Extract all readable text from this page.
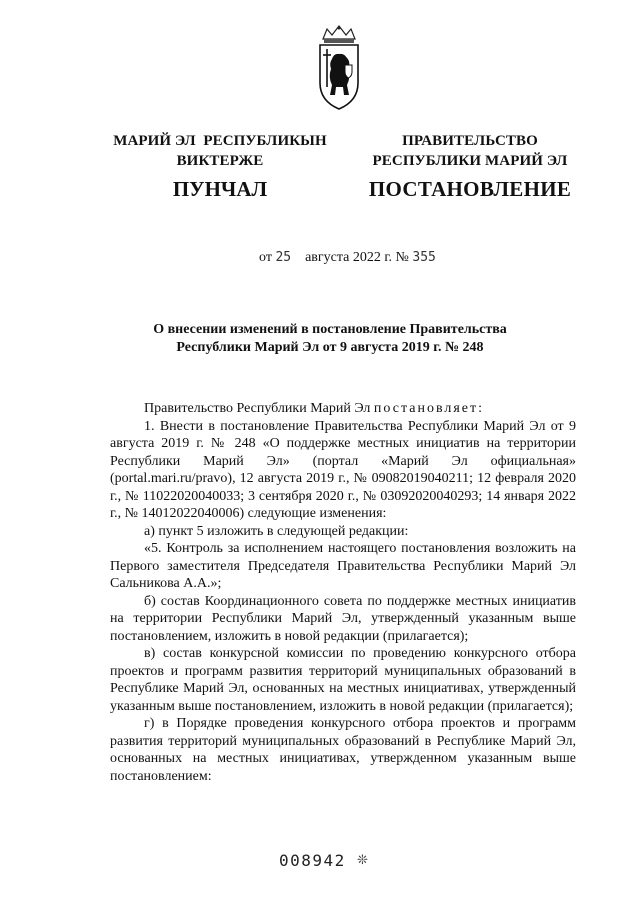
МАРИЙ ЭЛ  РЕСПУБЛИКЫН
ВИКТЕРЖЕ
ПРАВИТЕЛЬСТВО
РЕСПУБЛИКИ МАРИЙ ЭЛ
ПУНЧАЛ	ПОСТАНОВЛЕНИЕ
от 25 августа 2022 г. № 355
О внесении изменений в постановление Правительства
Республики Марий Эл от 9 августа 2019 г. № 248

Правительство Республики Марий Эл постановляет:

1. Внести в постановление Правительства Республики Марий Эл от 9 августа 2019 г. № 248 «О поддержке местных инициатив на территории Республики Марий Эл» (портал «Марий Эл официальная» (portal.mari.ru/pravo), 12 августа 2019 г., № 09082019040211; 12 февраля 2020 г., № 11022020040033; 3 сентября 2020 г., № 03092020040293; 14 января 2022 г., № 14012022040006) следующие изменения:

а) пункт 5 изложить в следующей редакции:

«5. Контроль за исполнением настоящего постановления возложить на Первого заместителя Председателя Правительства Республики Марий Эл Сальникова А.А.»;

б) состав Координационного совета по поддержке местных инициатив на территории Республики Марий Эл, утвержденный указанным выше постановлением, изложить в новой редакции (прилагается);

в) состав конкурсной комиссии по проведению конкурсного отбора проектов и программ развития территорий муниципальных образований в Республике Марий Эл, основанных на местных инициативах, утвержденный указанным выше постановлением, изложить в новой редакции (прилагается);

г) в Порядке проведения конкурсного отбора проектов и программ развития территорий муниципальных образований в Республике Марий Эл, основанных на местных инициативах, утвержденном указанным выше постановлением:

008942 ❊
